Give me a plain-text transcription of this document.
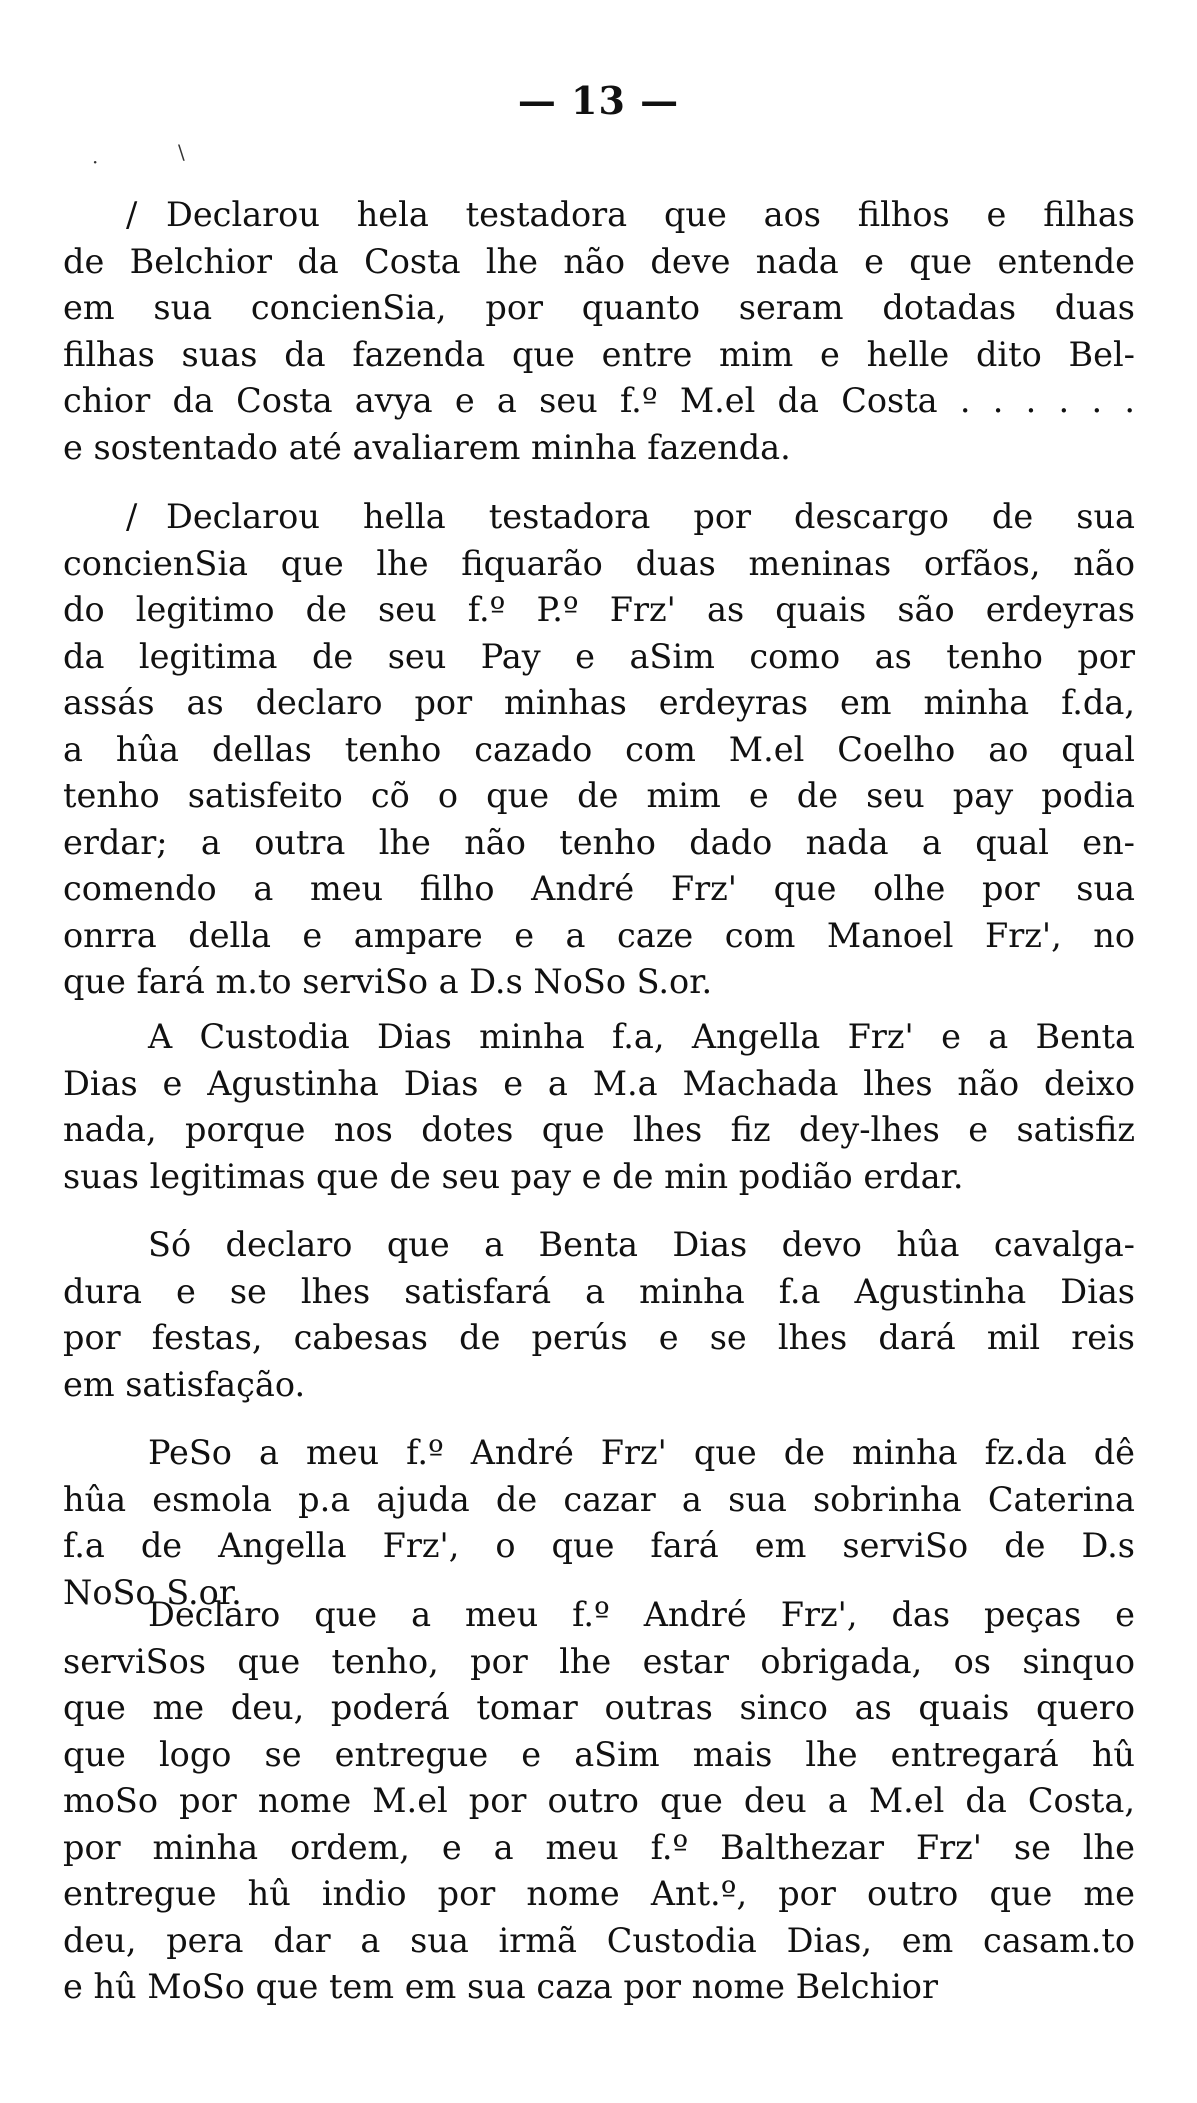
— 13 —
·	\
/ Declarou hela testadora que aos filhos e filhas
de Belchior da Costa lhe não deve nada e que entende
em sua concienSia, por quanto seram dotadas duas
filhas suas da fazenda que entre mim e helle dito Bel-
chior da Costa avya e a seu f.º M.el da Costa . . . . . .
e sostentado até avaliarem minha fazenda.
/ Declarou hella testadora por descargo de sua
concienSia que lhe fiquarão duas meninas orfãos, não
do legitimo de seu f.º P.º Frz' as quais são erdeyras
da legitima de seu Pay e aSim como as tenho por
assás as declaro por minhas erdeyras em minha f.da,
a hûa dellas tenho cazado com M.el Coelho ao qual
tenho satisfeito cõ o que de mim e de seu pay podia
erdar; a outra lhe não tenho dado nada a qual en-
comendo a meu filho André Frz' que olhe por sua
onrra della e ampare e a caze com Manoel Frz', no
que fará m.to serviSo a D.s NoSo S.or.
A Custodia Dias minha f.a, Angella Frz' e a Benta
Dias e Agustinha Dias e a M.a Machada lhes não deixo
nada, porque nos dotes que lhes fiz dey-lhes e satisfiz
suas legitimas que de seu pay e de min podião erdar.
Só declaro que a Benta Dias devo hûa cavalga-
dura e se lhes satisfará a minha f.a Agustinha Dias
por festas, cabesas de perús e se lhes dará mil reis
em satisfação.
PeSo a meu f.º André Frz' que de minha fz.da dê
hûa esmola p.a ajuda de cazar a sua sobrinha Caterina
f.a de Angella Frz', o que fará em serviSo de D.s
NoSo S.or.
Declaro que a meu f.º André Frz', das peças e
serviSos que tenho, por lhe estar obrigada, os sinquo
que me deu, poderá tomar outras sinco as quais quero
que logo se entregue e aSim mais lhe entregará hû
moSo por nome M.el por outro que deu a M.el da Costa,
por minha ordem, e a meu f.º Balthezar Frz' se lhe
entregue hû indio por nome Ant.º, por outro que me
deu, pera dar a sua irmã Custodia Dias, em casam.to
e hû MoSo que tem em sua caza por nome Belchior
